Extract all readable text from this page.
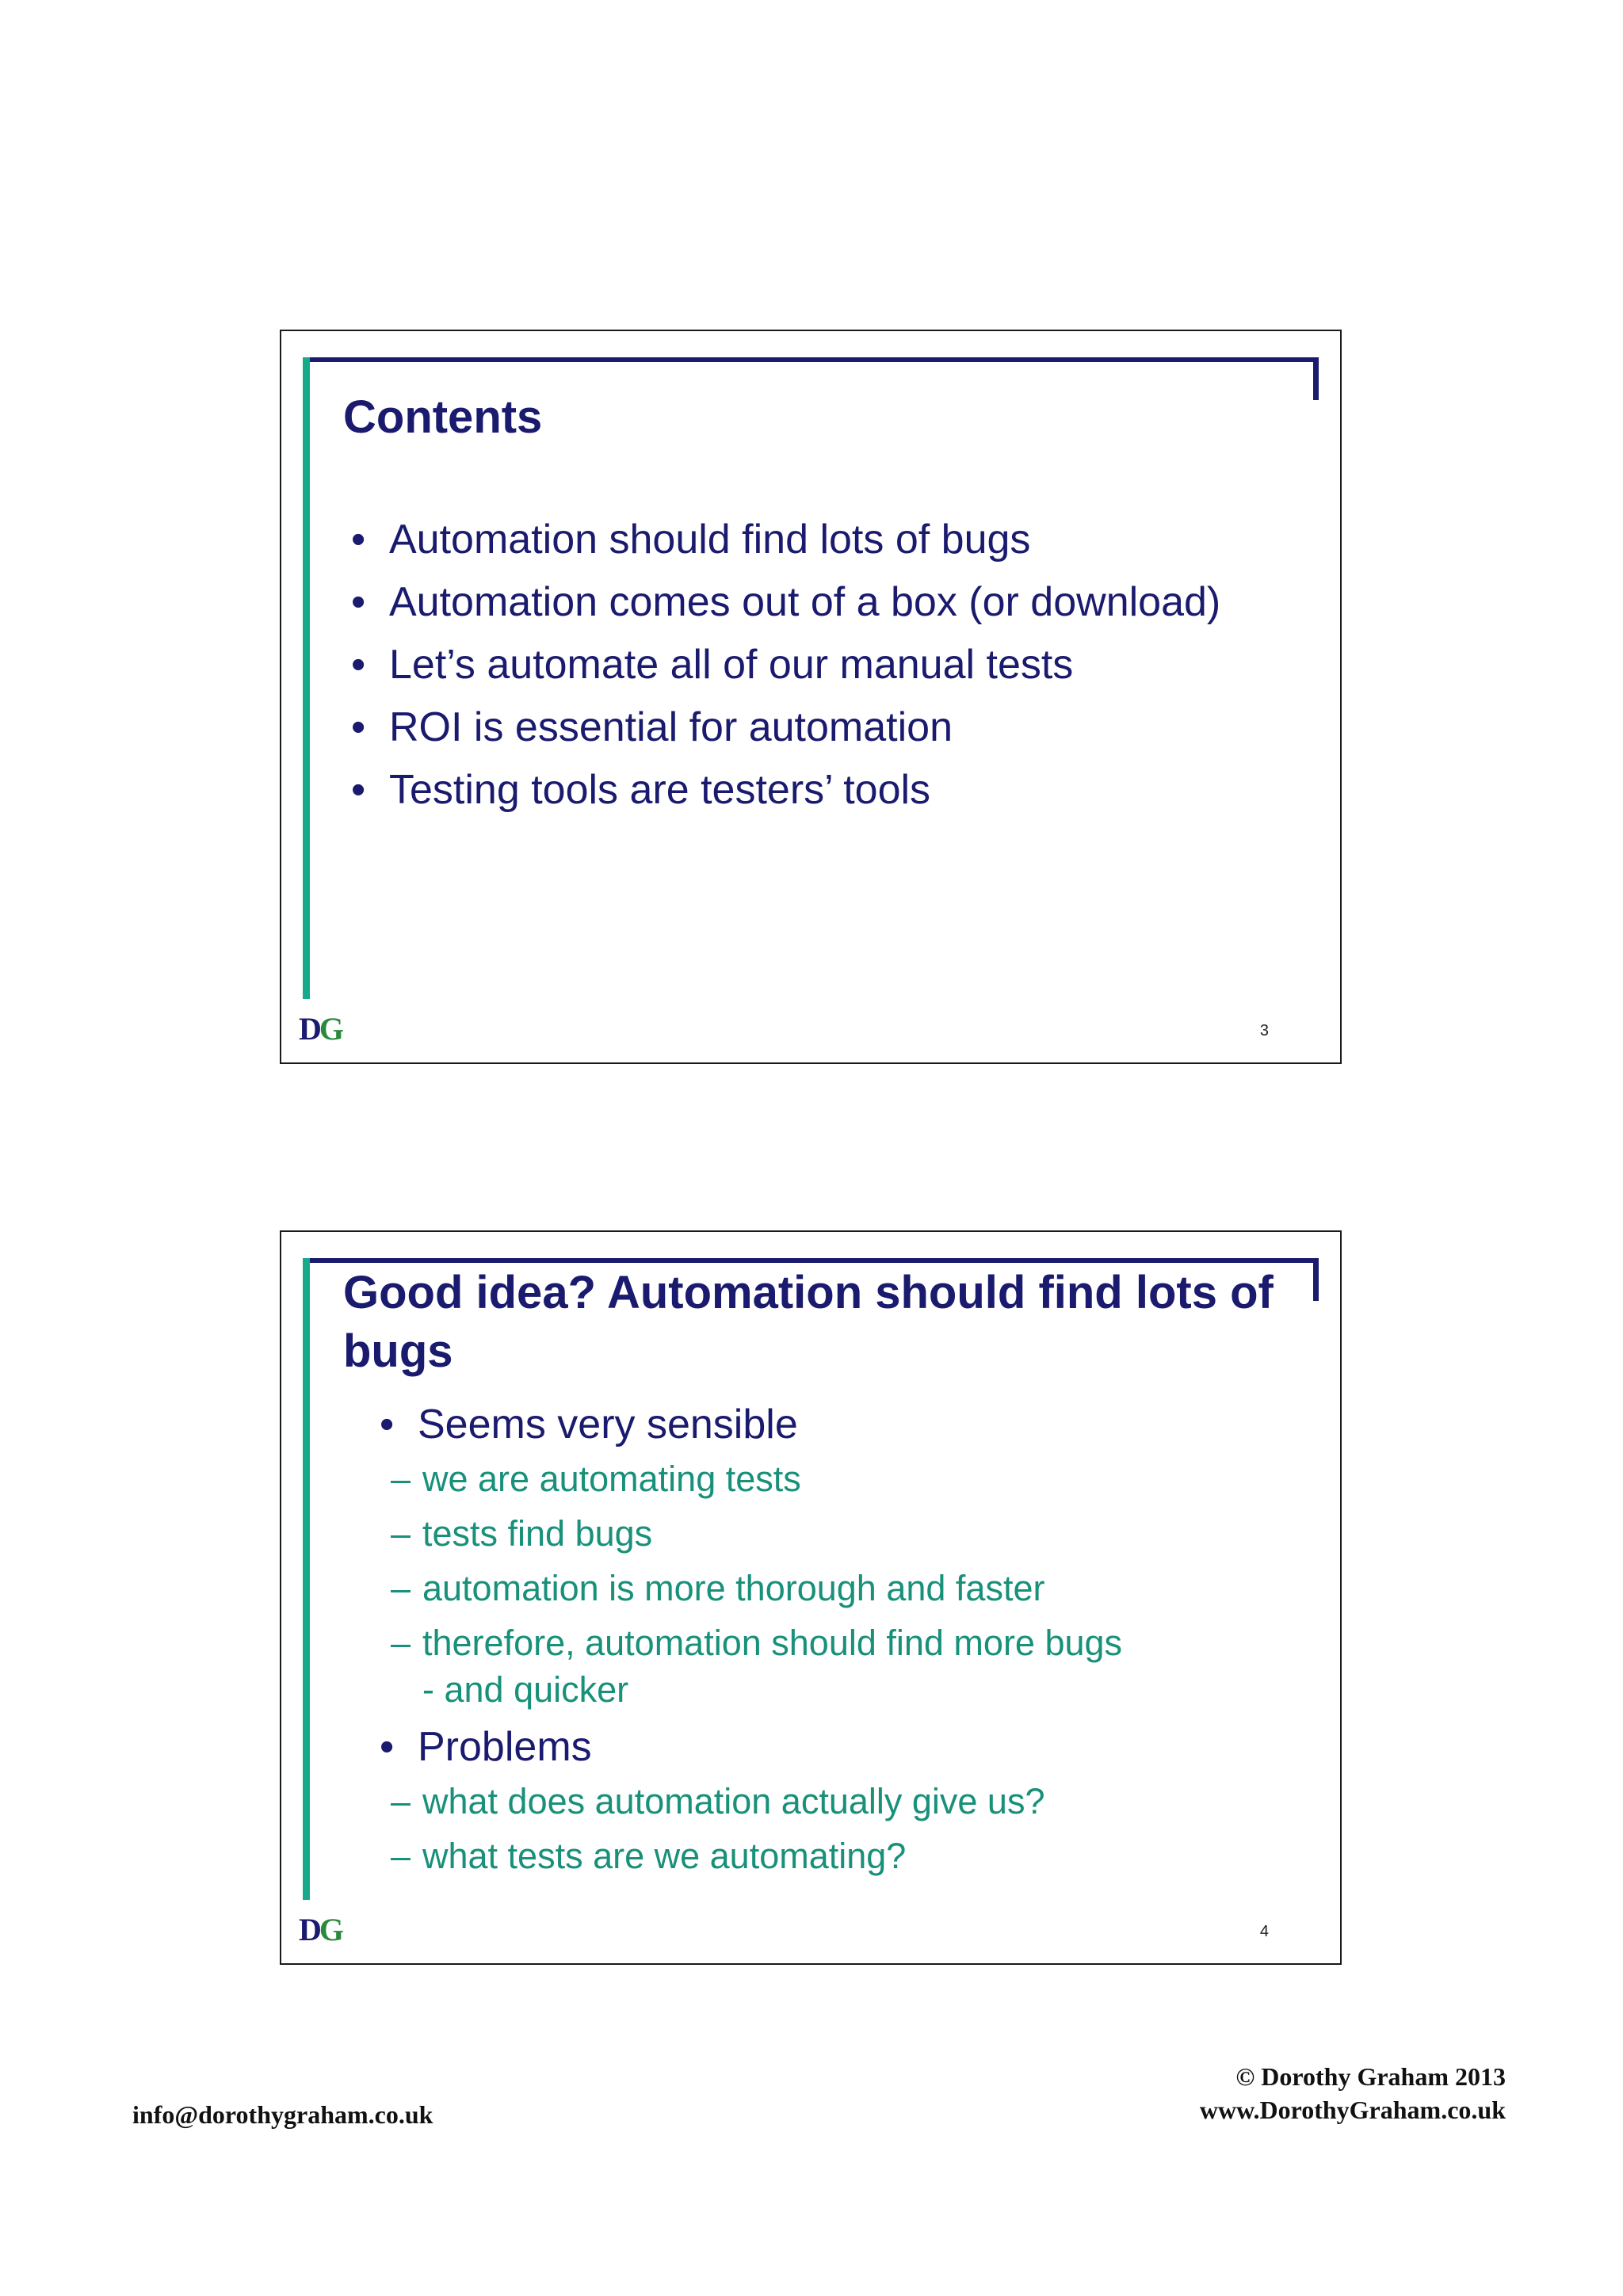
Contents
• Automation should find lots of bugs
• Automation comes out of a box (or download)
• Let’s automate all of our manual tests
• ROI is essential for automation
• Testing tools are testers’ tools
DG	3
Good idea? Automation should find lots of bugs
• Seems very sensible
– we are automating tests
– tests find bugs
– automation is more thorough and faster
– therefore, automation should find more bugs
- and quicker
• Problems
– what does automation actually give us?
– what tests are we automating?
DG	4
info@dorothygraham.co.uk
© Dorothy Graham 2013
www.DorothyGraham.co.uk
